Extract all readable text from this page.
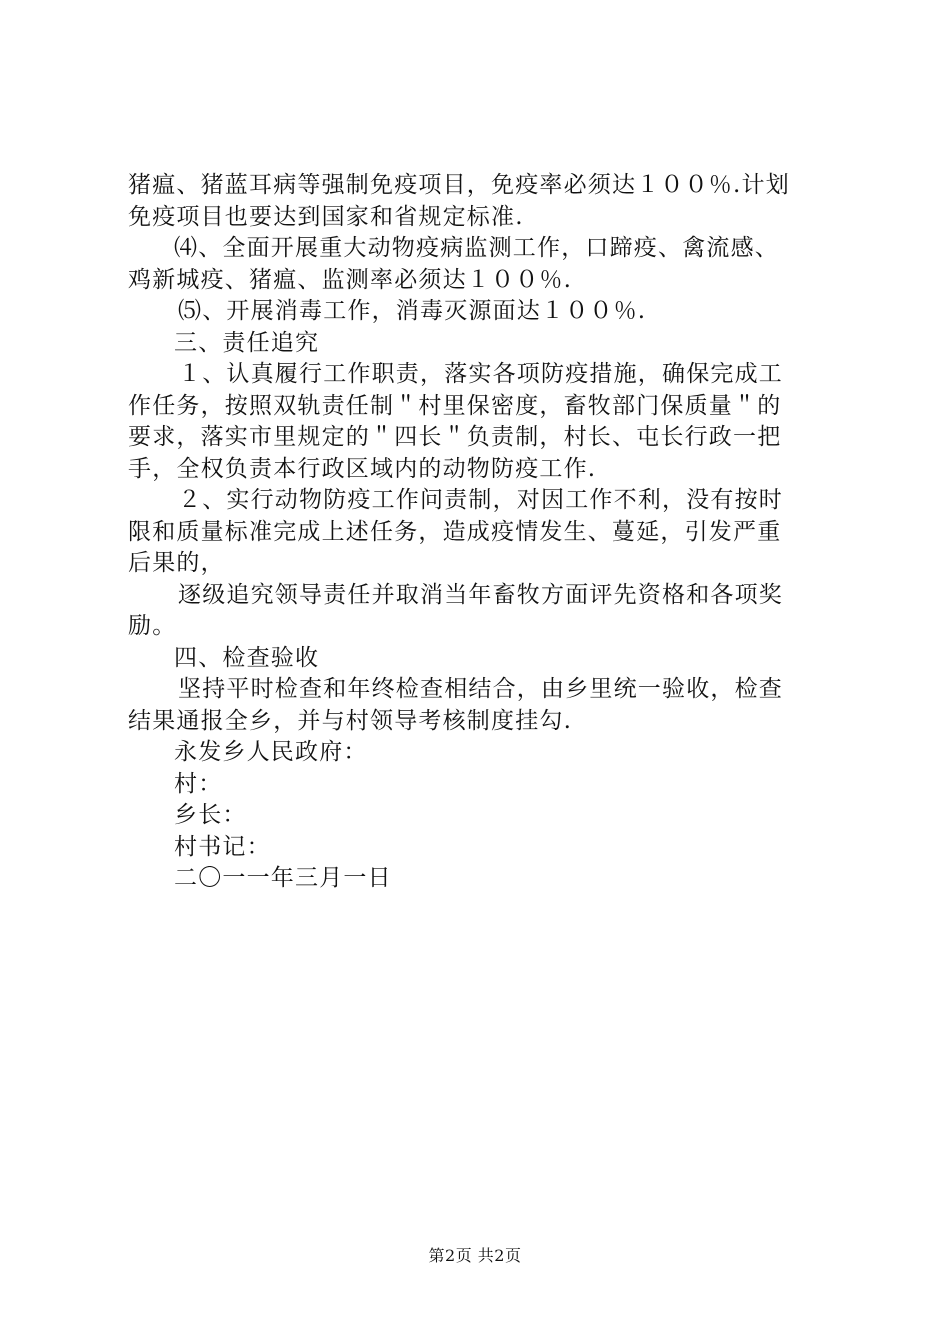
猪瘟、猪蓝耳病等强制免疫项目，免疫率必须达１００％.计划
免疫项目也要达到国家和省规定标准.

⑷、全面开展重大动物疫病监测工作，口蹄疫、禽流感、
鸡新城疫、猪瘟、监测率必须达１００％.

⑸、开展消毒工作，消毒灭源面达１００％.

三、责任追究

１、认真履行工作职责，落实各项防疫措施，确保完成工
作任务，按照双轨责任制＂村里保密度，畜牧部门保质量＂的
要求，落实市里规定的＂四长＂负责制，村长、屯长行政一把
手，全权负责本行政区域内的动物防疫工作.

２、实行动物防疫工作问责制，对因工作不利，没有按时
限和质量标准完成上述任务，造成疫情发生、蔓延，引发严重
后果的，

逐级追究领导责任并取消当年畜牧方面评先资格和各项奖
励。

四、检查验收

坚持平时检查和年终检查相结合，由乡里统一验收，检查
结果通报全乡，并与村领导考核制度挂勾.

永发乡人民政府：

村：

乡长：

村书记：

二〇一一年三月一日

第2页 共2页
